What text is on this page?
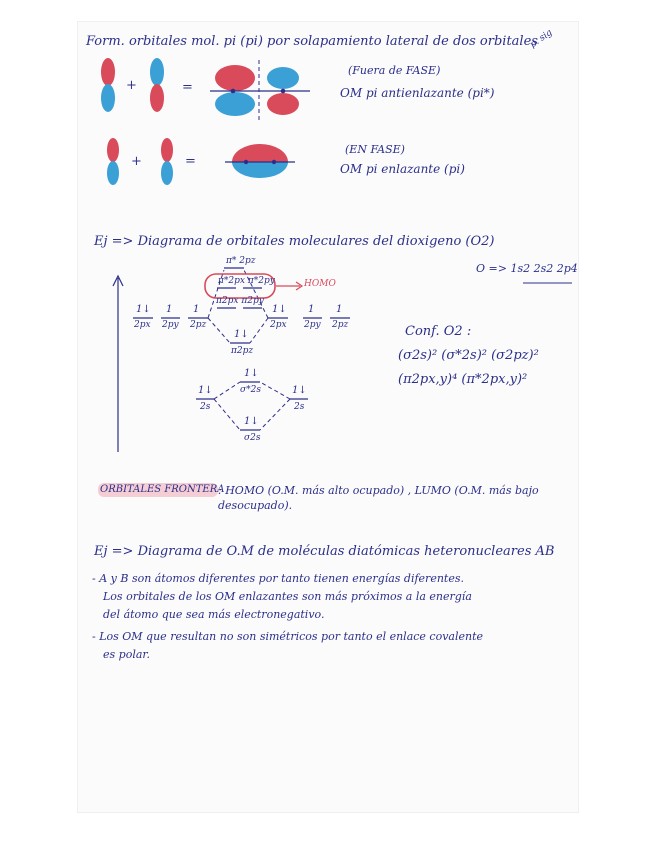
Form. orbitales mol. pi (pi) por solapamiento lateral de dos orbitales
p. sig
+	=
(Fuera de FASE)
OM pi antienlazante (pi*)
+	=
(EN FASE)
OM pi enlazante (pi)
Ej => Diagrama de orbitales moleculares del dioxigeno (O2)
O => 1s2 2s2 2p4
π* 2pz
π*2px π*2py
π2px π2py
HOMO
1↓ 1 1	1↓ 1 1
2px 2py 2pz	2px 2py 2pz
1↓
π2pz
1↓
σ*2s
1↓
2s
1↓
2s
1↓
σ2s
Conf. O2 :
(σ2s)² (σ*2s)² (σ2pz)²
(π2px,y)⁴ (π*2px,y)²
ORBITALES FRONTERA
: HOMO (O.M. más alto ocupado) , LUMO (O.M. más bajo
desocupado).
Ej => Diagrama de O.M de moléculas diatómicas heteronucleares AB
- A y B son átomos diferentes por tanto tienen energías diferentes.
Los orbitales de los OM enlazantes son más próximos a la energía
del átomo que sea más electronegativo.
- Los OM que resultan no son simétricos por tanto el enlace covalente
es polar.
